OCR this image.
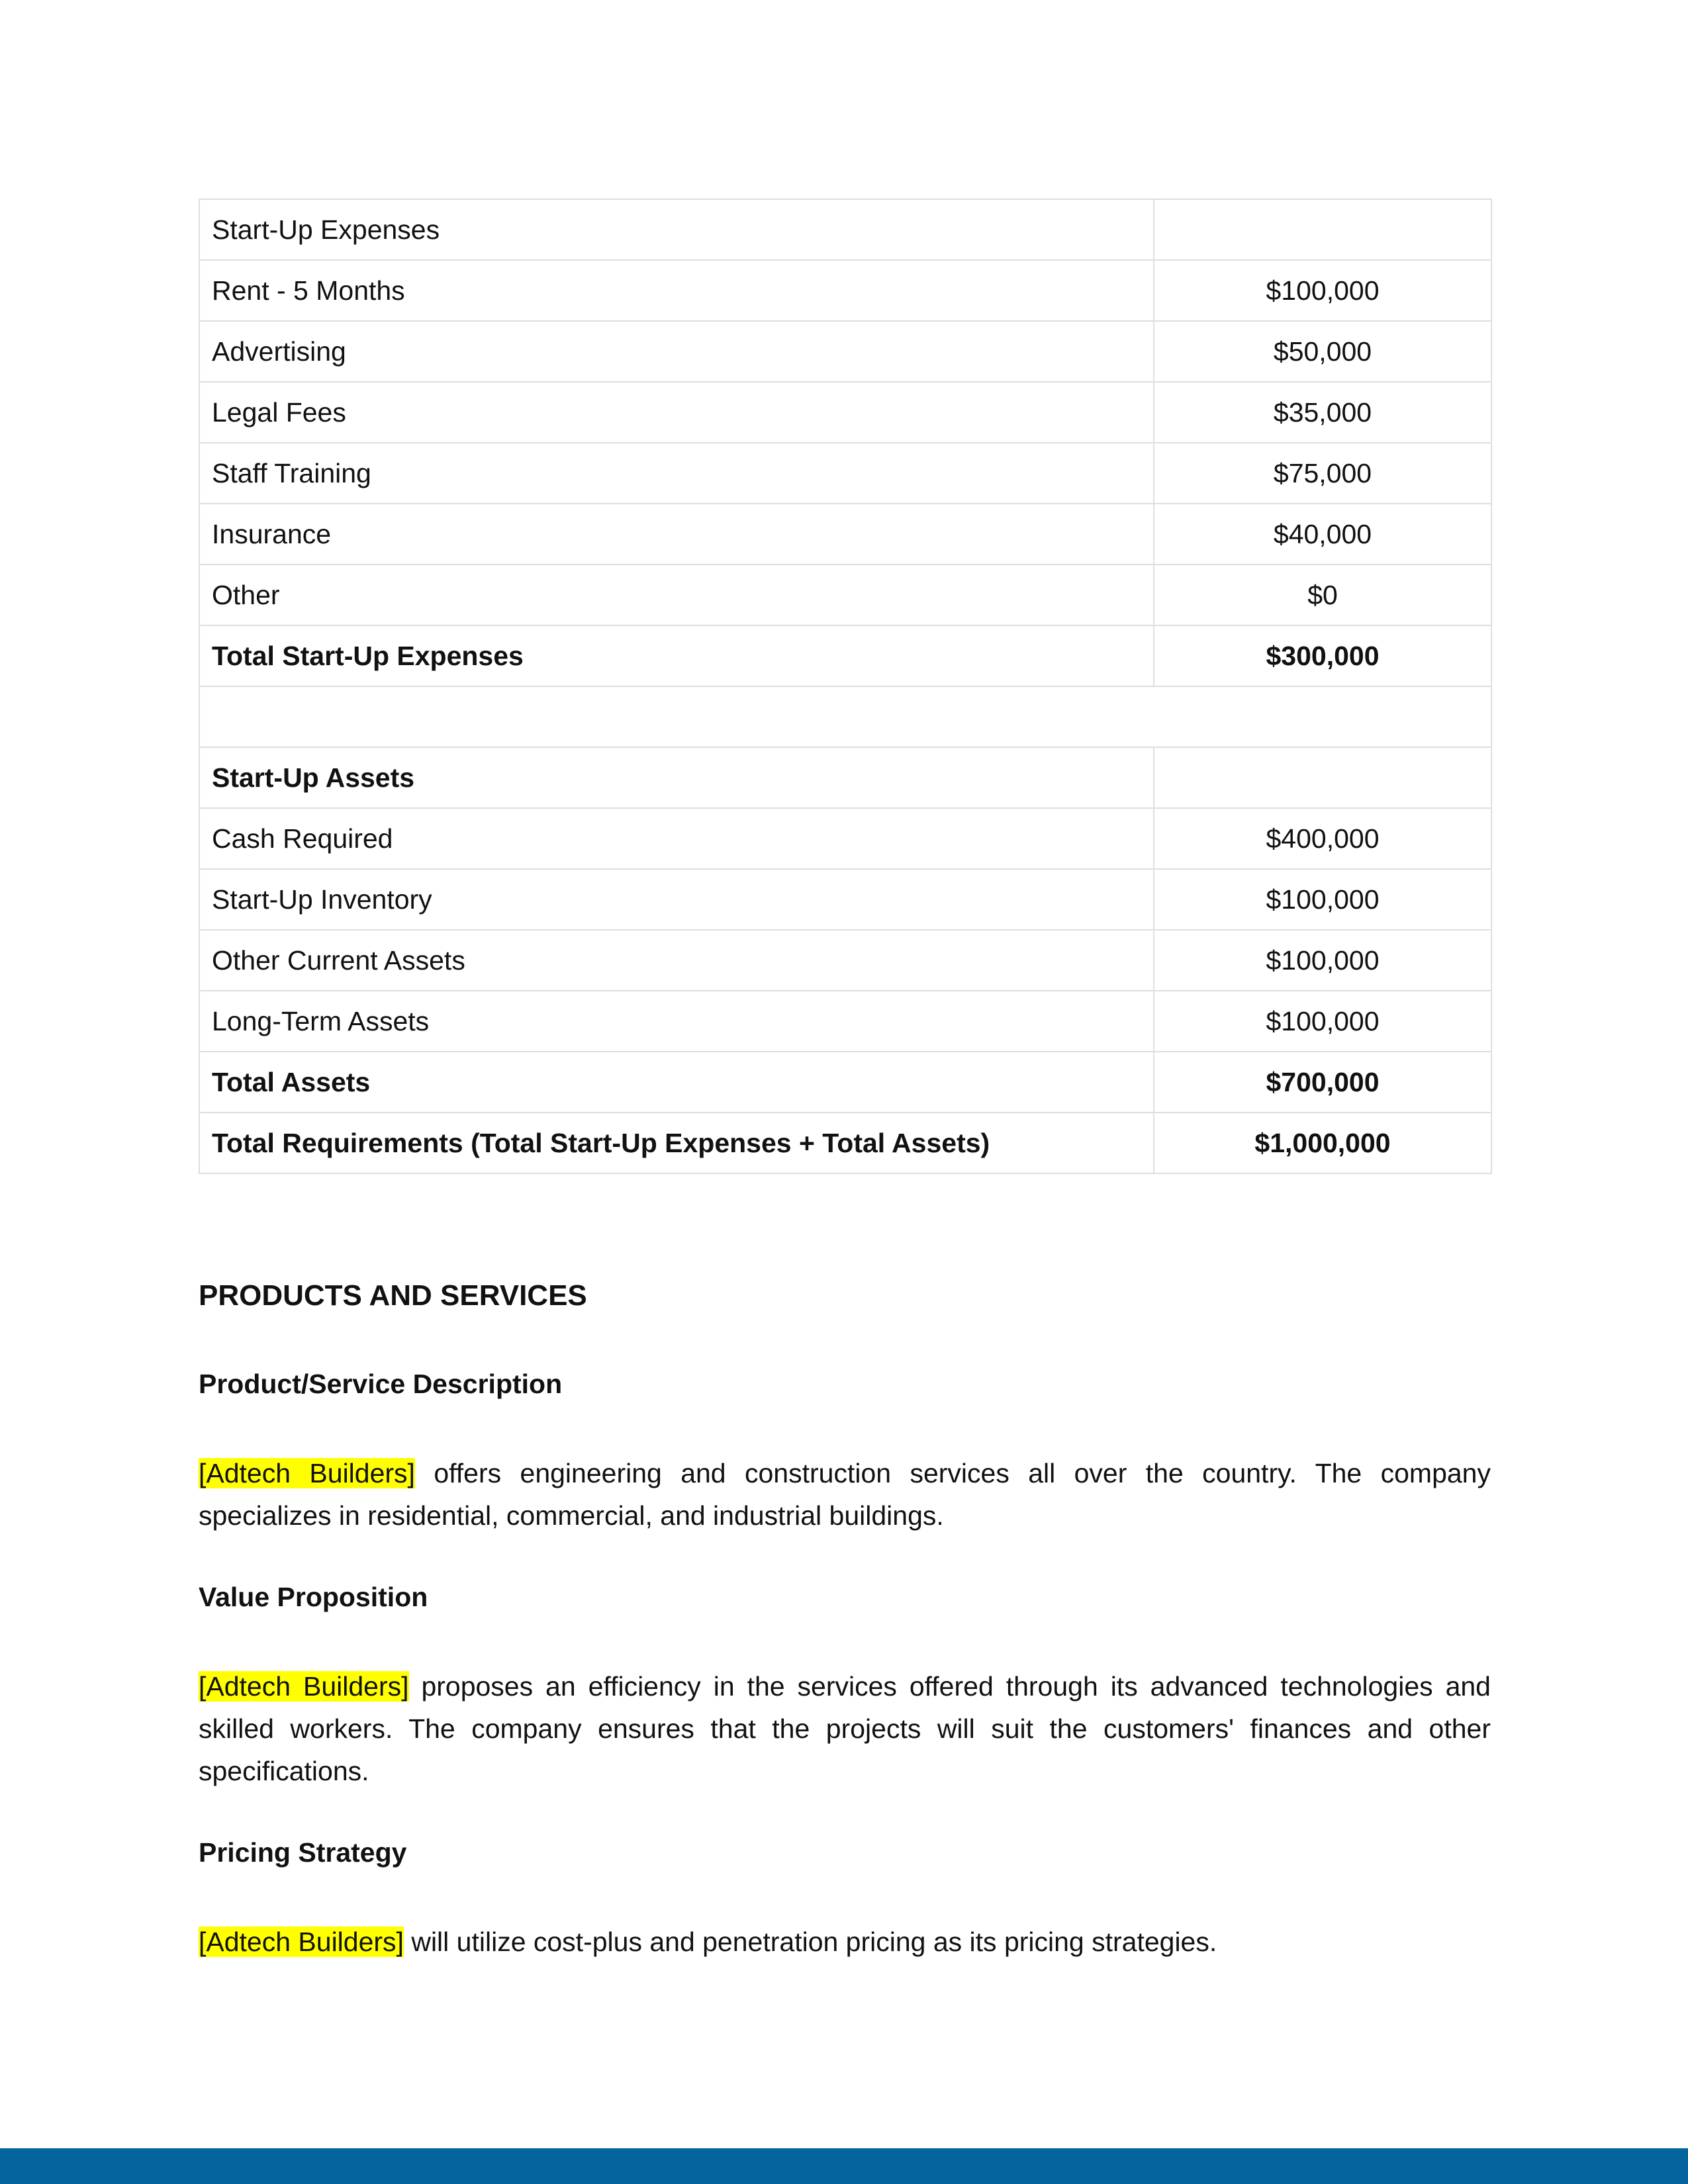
Start-Up Expenses	
Rent - 5 Months	$100,000
Advertising	$50,000
Legal Fees	$35,000
Staff Training	$75,000
Insurance	$40,000
Other	$0
Total Start-Up Expenses	$300,000

Start-Up Assets	
Cash Required	$400,000
Start-Up Inventory	$100,000
Other Current Assets	$100,000
Long-Term Assets	$100,000
Total Assets	$700,000
Total Requirements (Total Start-Up Expenses + Total Assets)	$1,000,000
PRODUCTS AND SERVICES
Product/Service Description

[Adtech Builders] offers engineering and construction services all over the country. The company specializes in residential, commercial, and industrial buildings.

Value Proposition

[Adtech Builders] proposes an efficiency in the services offered through its advanced technologies and skilled workers. The company ensures that the projects will suit the customers' finances and other specifications.

Pricing Strategy

[Adtech Builders] will utilize cost-plus and penetration pricing as its pricing strategies.
